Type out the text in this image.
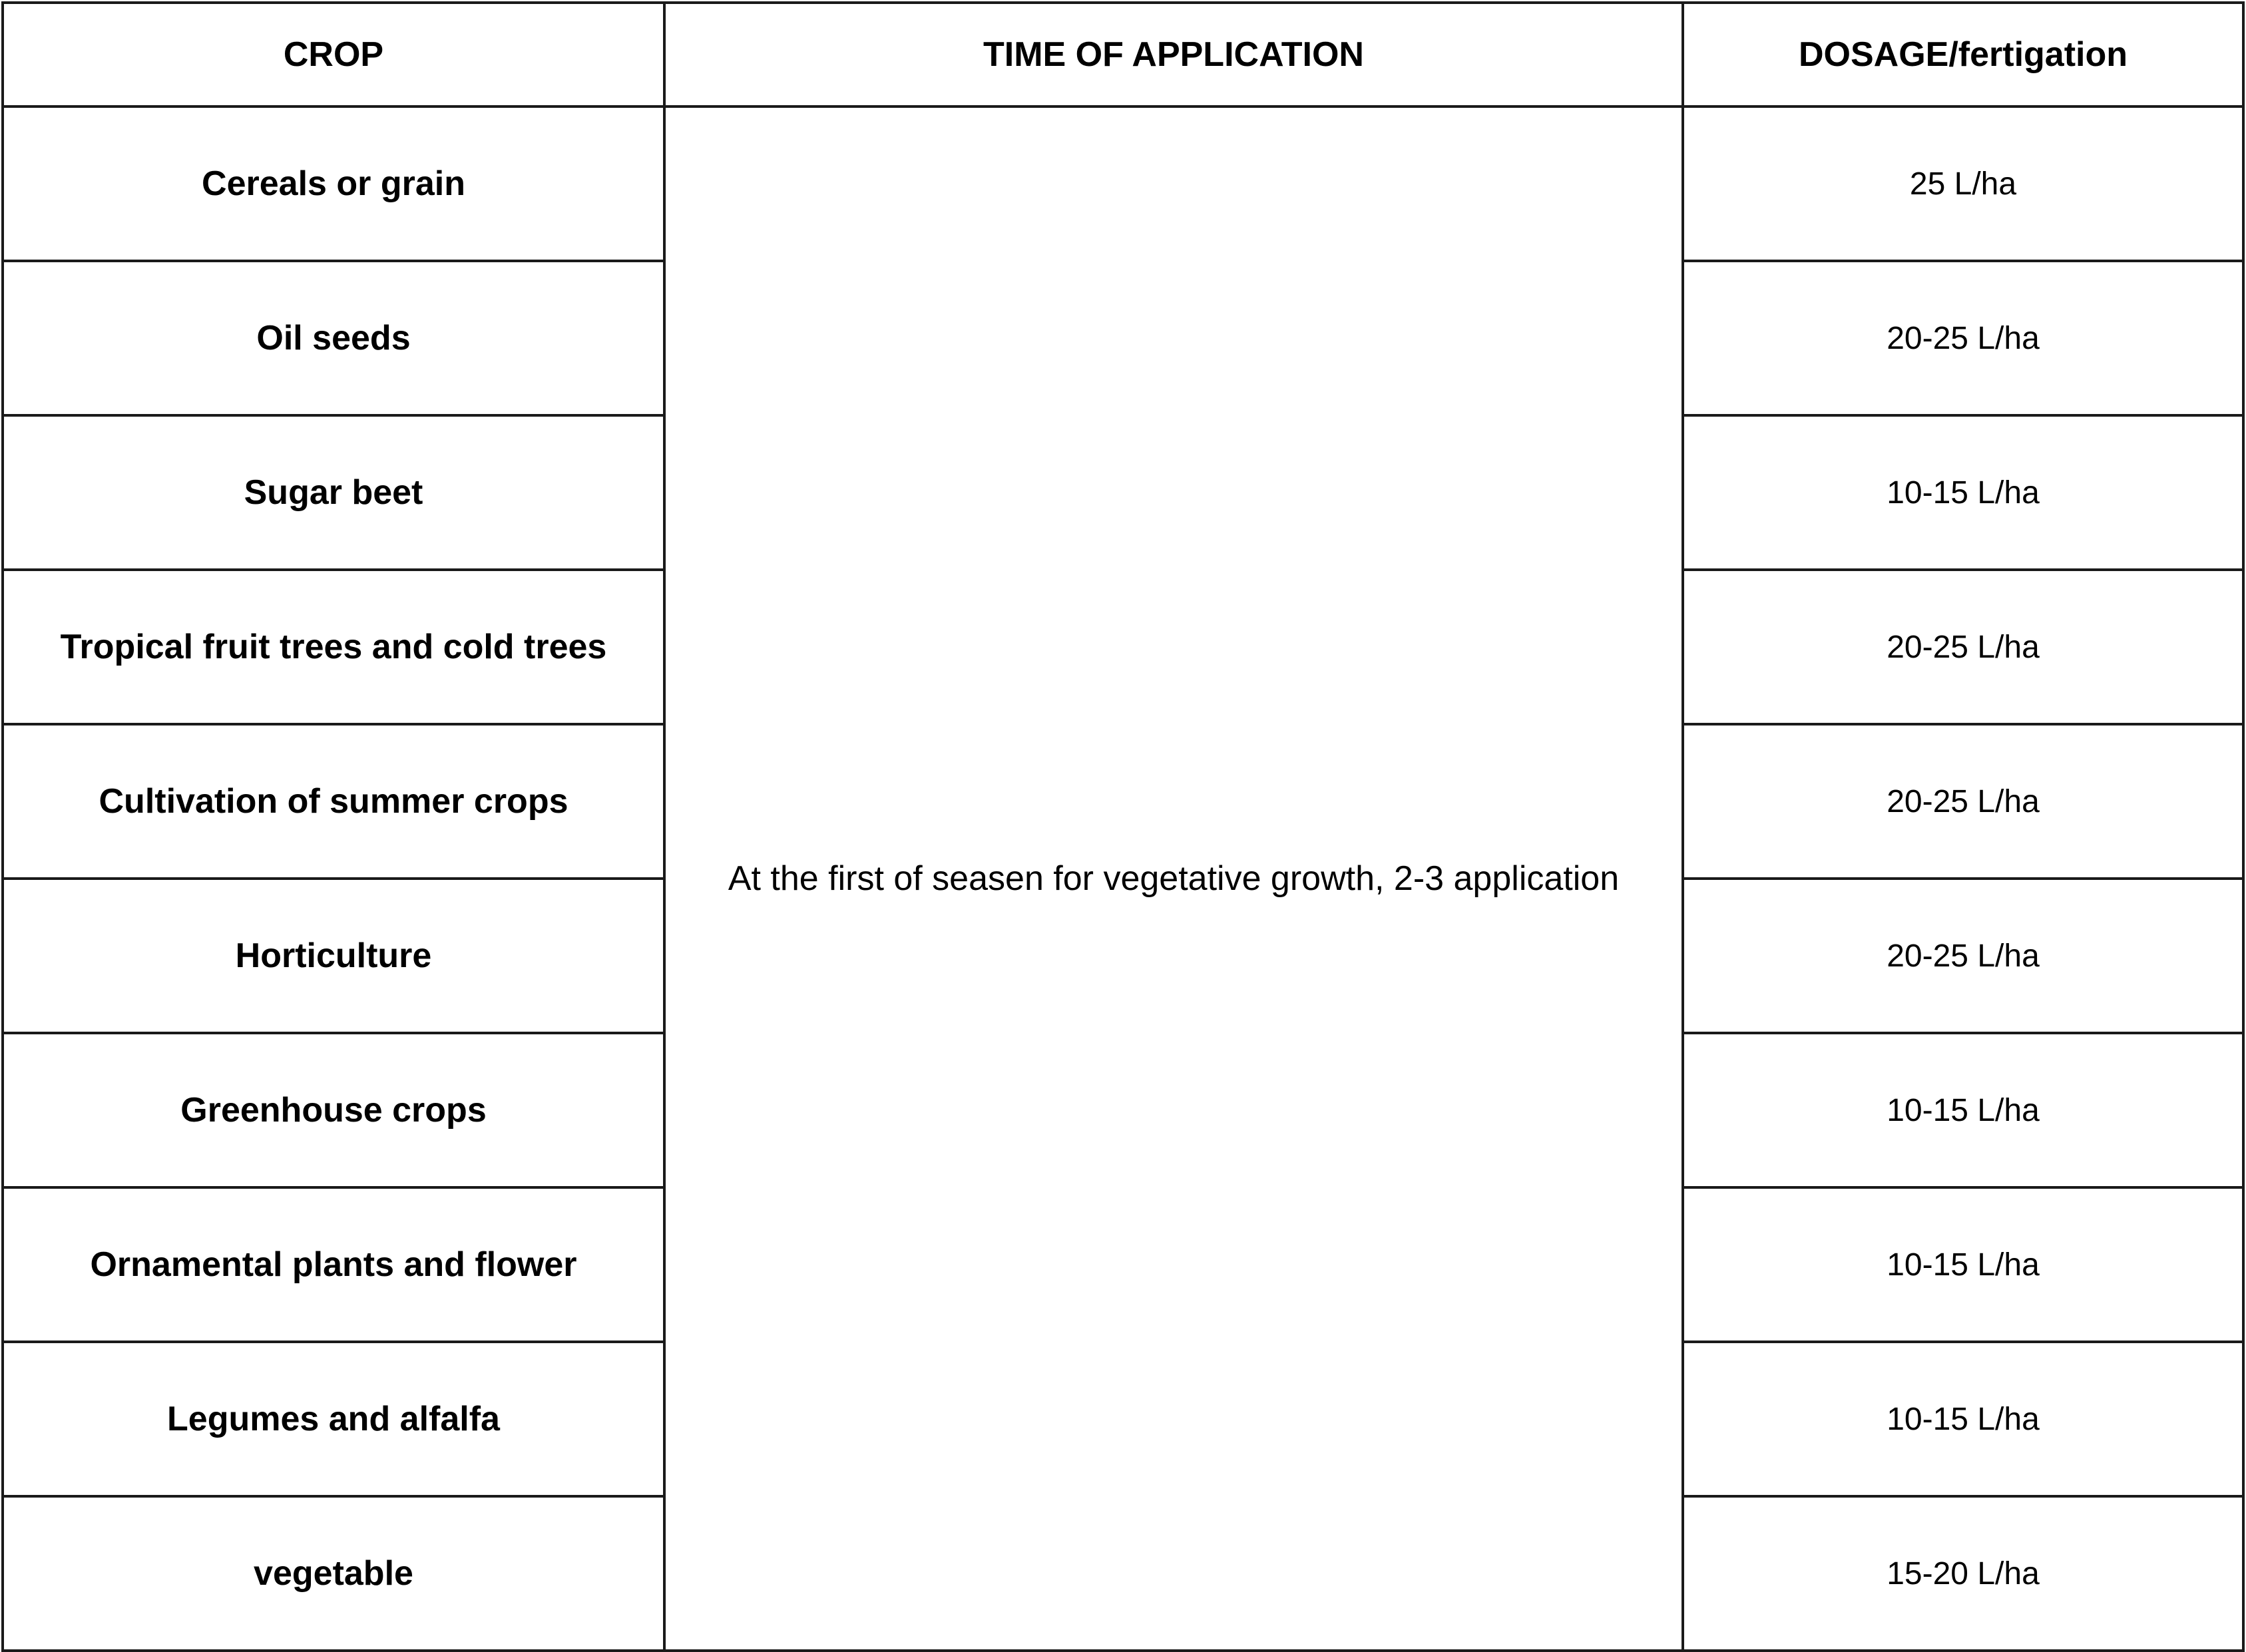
CROP	TIME OF APPLICATION	DOSAGE/fertigation
Cereals or grain	At the first of seasen for vegetative growth, 2-3 application	25 L/ha
Oil seeds		20-25 L/ha
Sugar beet		10-15 L/ha
Tropical fruit trees and cold trees		20-25 L/ha
Cultivation of summer crops		20-25 L/ha
Horticulture		20-25 L/ha
Greenhouse crops		10-15 L/ha
Ornamental plants and flower		10-15 L/ha
Legumes and alfalfa		10-15 L/ha
vegetable		15-20 L/ha
